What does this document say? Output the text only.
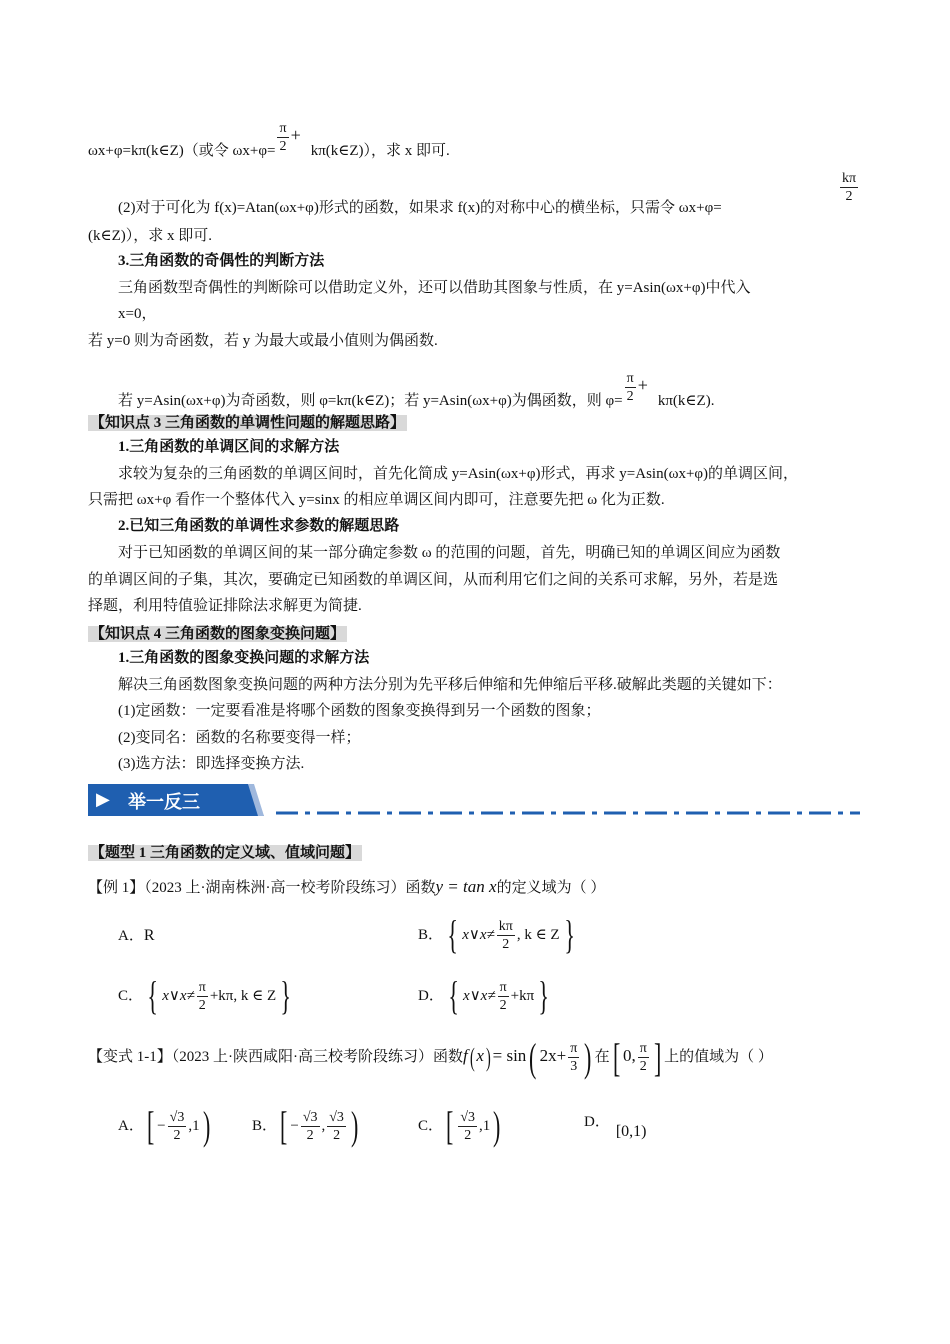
ωx+φ=kπ(k∈Z)（或令 $\omega x+\varphi= \frac{\pi}{2}$ +kπ(k∈Z)），求 x 即可.
(2)对于可化为 f(x)=Atan(ωx+φ)形式的函数，如果求 f(x)的对称中心的横坐标，只需令 ωx+φ=
$\frac{k\pi}{2}$
(k∈Z)），求 x 即可.
3.三角函数的奇偶性的判断方法
三角函数型奇偶性的判断除可以借助定义外，还可以借助其图象与性质，在 y=Asin(ωx+φ)中代入
x=0，
若 y=0 则为奇函数，若 y 为最大或最小值则为偶函数.
若 y=Asin(ωx+φ)为奇函数，则 φ=kπ(k∈Z)；若 y=Asin(ωx+φ)为偶函数，则 $\varphi= \frac{\pi}{2}$ +kπ(k∈Z).
【知识点 3 三角函数的单调性问题的解题思路】
1.三角函数的单调区间的求解方法
求较为复杂的三角函数的单调区间时，首先化简成 y=Asin(ωx+φ)形式，再求 y=Asin(ωx+φ)的单调区间，
只需把 ωx+φ 看作一个整体代入 y=sinx 的相应单调区间内即可，注意要先把 ω 化为正数.
2.已知三角函数的单调性求参数的解题思路
对于已知函数的单调区间的某一部分确定参数 ω 的范围的问题，首先，明确已知的单调区间应为函数
的单调区间的子集，其次，要确定已知函数的单调区间，从而利用它们之间的关系可求解，另外，若是选
择题，利用特值验证排除法求解更为简捷.
【知识点 4 三角函数的图象变换问题】
1.三角函数的图象变换问题的求解方法
解决三角函数图象变换问题的两种方法分别为先平移后伸缩和先伸缩后平移.破解此类题的关键如下：
(1)定函数：一定要看准是将哪个函数的图象变换得到另一个函数的图象；
(2)变同名：函数的名称要变得一样；
(3)选方法：即选择变换方法.
▶ 举一反三
【题型 1 三角函数的定义域、值域问题】
【例 1】（2023 上·湖南株洲·高一校考阶段练习）函数y = tan x的定义域为（ ）
A．R	B． { x∨x≠ $\frac{k\pi}{2}$ , k ∈ Z }
C． { x∨x≠ $\frac{\pi}{2} +k\pi$, k ∈ Z }	D． { x∨x≠ $\frac{\pi}{2} +k\pi$ }
【变式 1-1】（2023 上·陕西咸阳·高三校考阶段练习）函数f( x) = sin( $2x+ \frac{\pi}{3}$ ) 在[ 0, $\frac{\pi}{2}$ ] 上的值域为（ ）
A．[ − $\frac{√3}{2} ,1$)	B．[ − $\frac{√3}{2}$ , $\frac{√3}{2}$ )	C．[ $\frac{√3}{2} ,1$)	D．[0,1)
